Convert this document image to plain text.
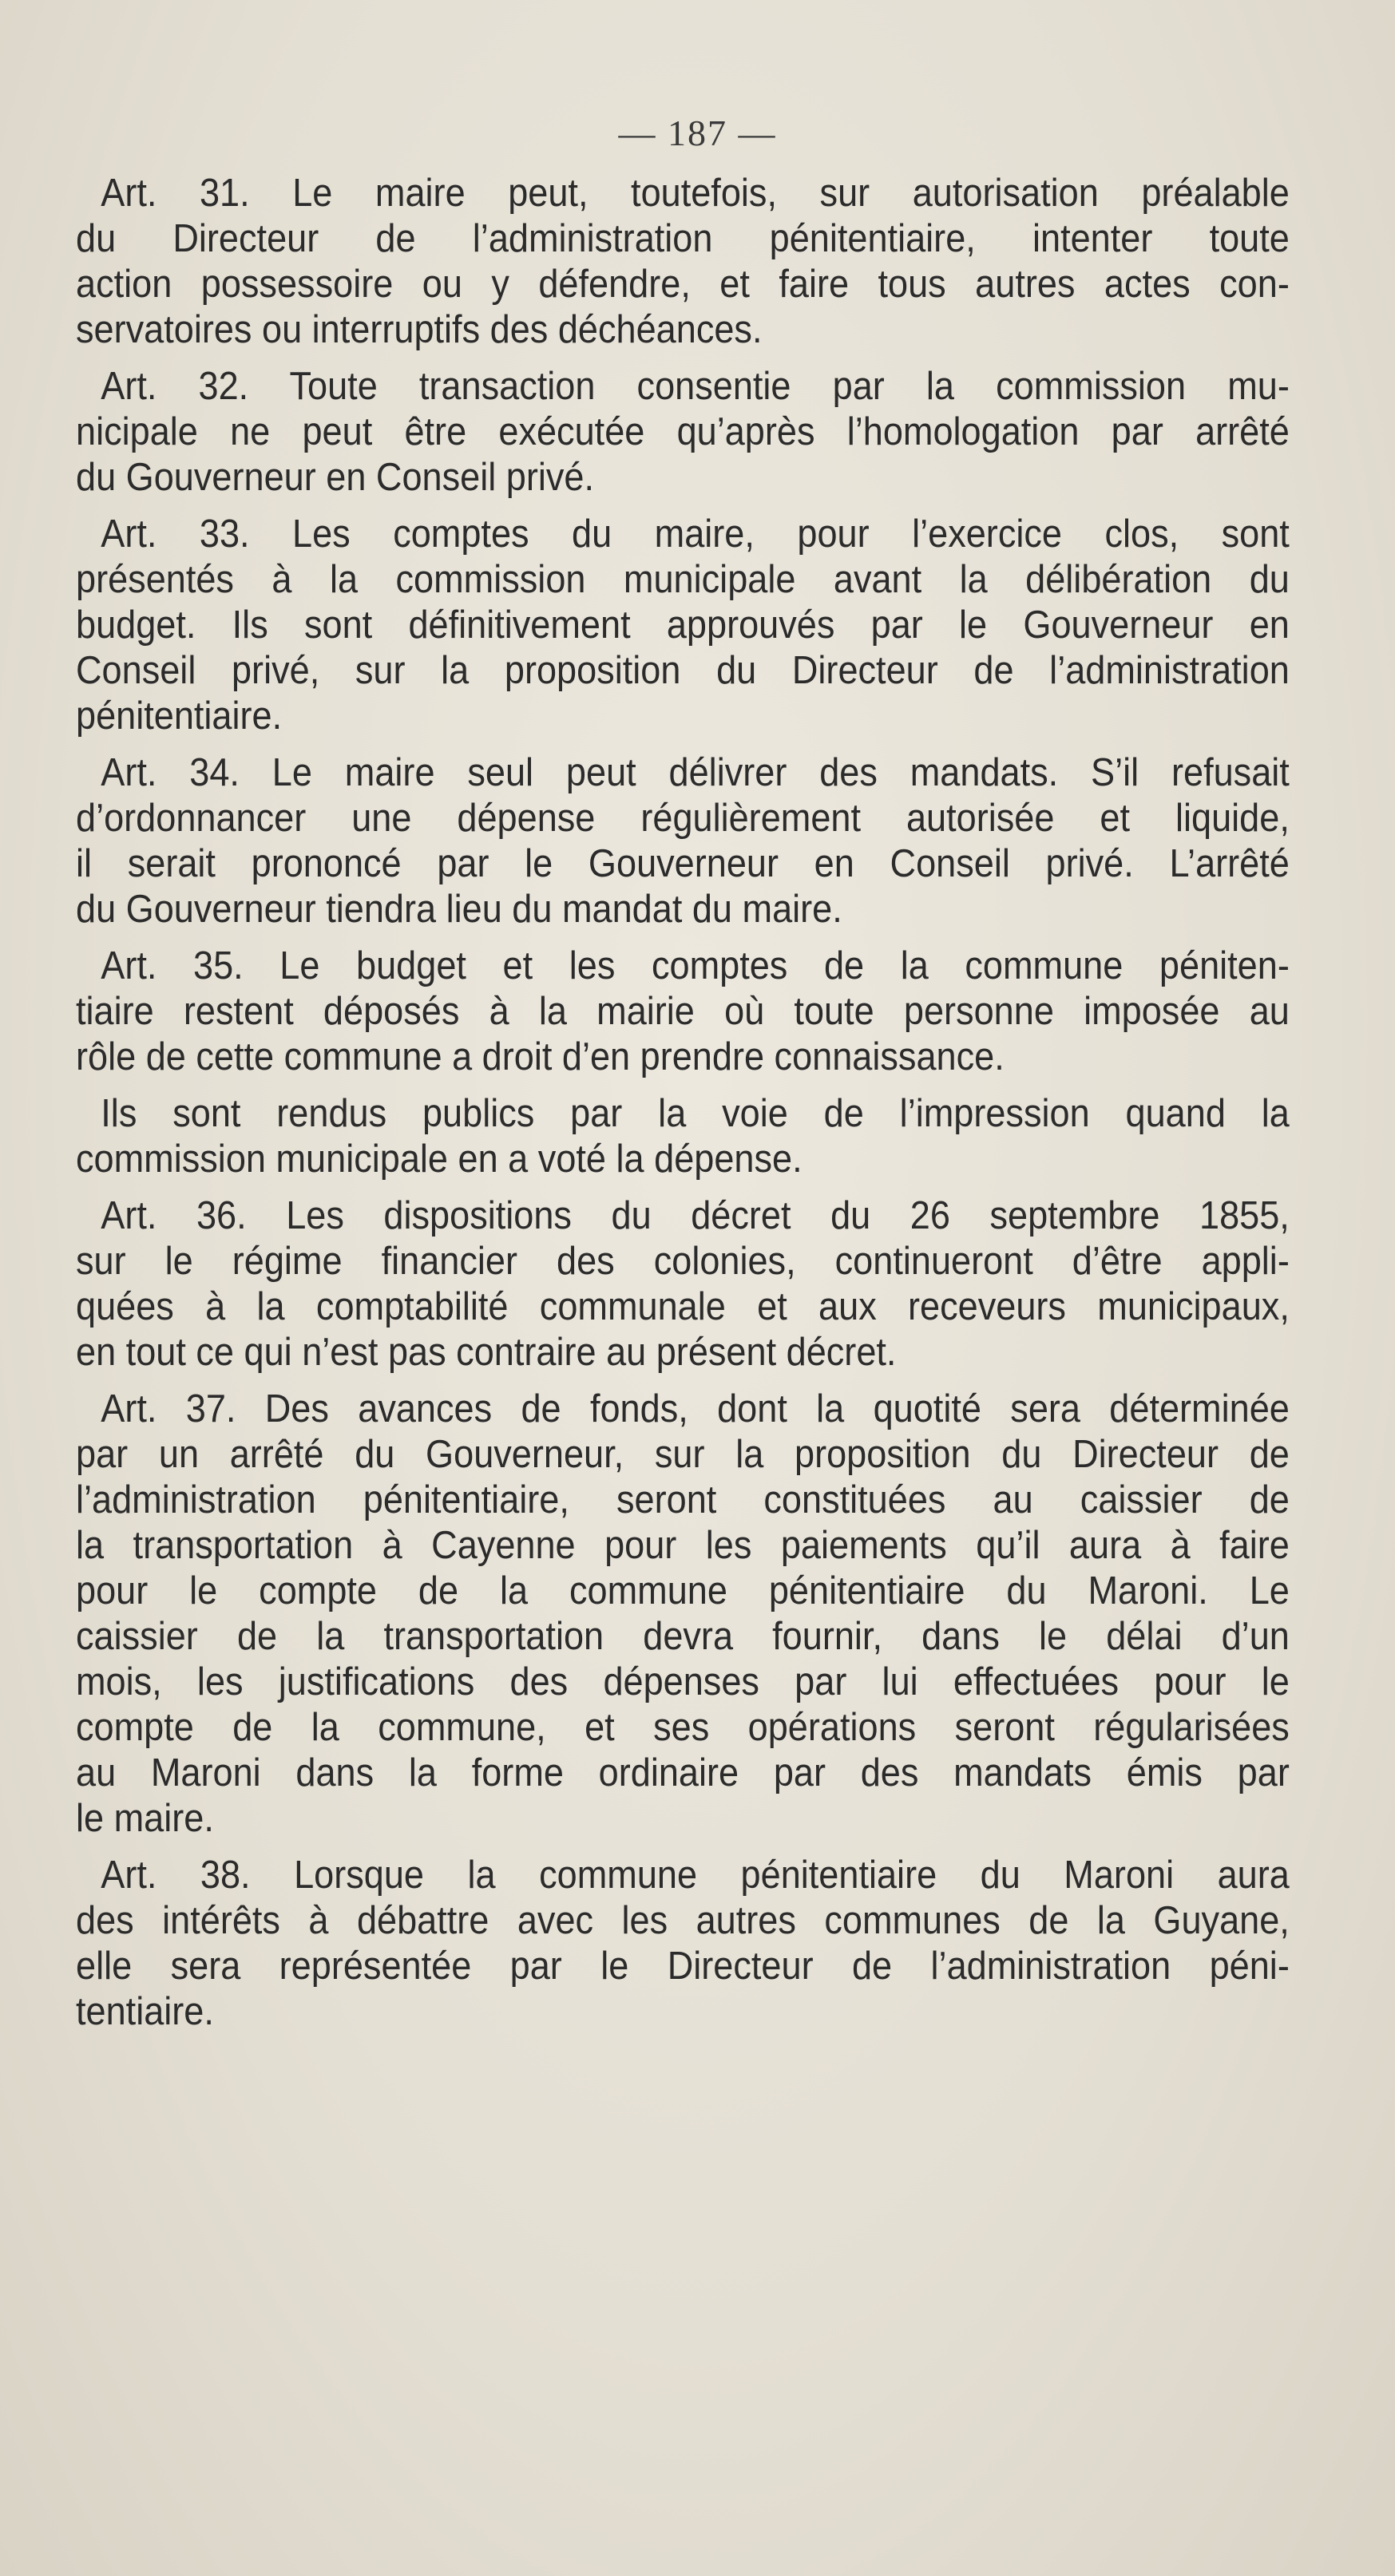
— 187 —
Art. 31. Le maire peut, toutefois, sur autorisation préalable
du Directeur de l’administration pénitentiaire, intenter toute
action possessoire ou y défendre, et faire tous autres actes con-
servatoires ou interruptifs des déchéances.
Art. 32. Toute transaction consentie par la commission mu-
nicipale ne peut être exécutée qu’après l’homologation par arrêté
du Gouverneur en Conseil privé.
Art. 33. Les comptes du maire, pour l’exercice clos, sont
présentés à la commission municipale avant la délibération du
budget. Ils sont définitivement approuvés par le Gouverneur en
Conseil privé, sur la proposition du Directeur de l’administration
pénitentiaire.
Art. 34. Le maire seul peut délivrer des mandats. S’il refusait
d’ordonnancer une dépense régulièrement autorisée et liquide,
il serait prononcé par le Gouverneur en Conseil privé. L’arrêté
du Gouverneur tiendra lieu du mandat du maire.
Art. 35. Le budget et les comptes de la commune péniten-
tiaire restent déposés à la mairie où toute personne imposée au
rôle de cette commune a droit d’en prendre connaissance.
Ils sont rendus publics par la voie de l’impression quand la
commission municipale en a voté la dépense.
Art. 36. Les dispositions du décret du 26 septembre 1855,
sur le régime financier des colonies, continueront d’être appli-
quées à la comptabilité communale et aux receveurs municipaux,
en tout ce qui n’est pas contraire au présent décret.
Art. 37. Des avances de fonds, dont la quotité sera déterminée
par un arrêté du Gouverneur, sur la proposition du Directeur de
l’administration pénitentiaire, seront constituées au caissier de
la transportation à Cayenne pour les paiements qu’il aura à faire
pour le compte de la commune pénitentiaire du Maroni. Le
caissier de la transportation devra fournir, dans le délai d’un
mois, les justifications des dépenses par lui effectuées pour le
compte de la commune, et ses opérations seront régularisées
au Maroni dans la forme ordinaire par des mandats émis par
le maire.
Art. 38. Lorsque la commune pénitentiaire du Maroni aura
des intérêts à débattre avec les autres communes de la Guyane,
elle sera représentée par le Directeur de l’administration péni-
tentiaire.
